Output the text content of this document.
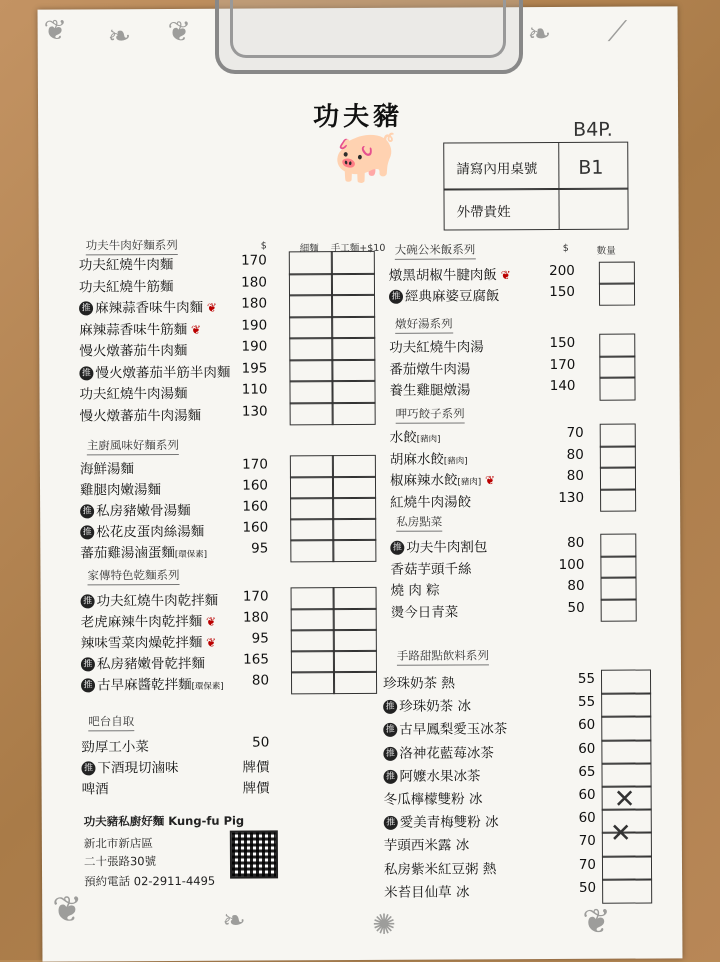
❦ ❧ ❦	❧ ⟋
❦	❧	✺	❦
功夫豬
🐖	請寫內用桌號
外帶貴姓
B4P.
B1
功夫豬私廚好麵 Kung-fu Pig
新北市新店區
二十張路30號
預約電話 02-2911-4495
功夫牛肉好麵系列
功夫紅燒牛肉麵	170
功夫紅燒牛筋麵	180
推 麻辣蒜香味牛肉麵 ❦	180
麻辣蒜香味牛筋麵 ❦	190
慢火燉蕃茄牛肉麵	190
推 慢火燉蕃茄半筋半肉麵 195
功夫紅燒牛肉湯麵	110
慢火燉蕃茄牛肉湯麵	130
$	細麵 手工麵+$10
主廚風味好麵系列
海鮮湯麵	170
雞腿肉嫩湯麵	160
推 私房豬嫩骨湯麵	160
推 松花皮蛋肉絲湯麵	160
蕃茄雞湯滷蛋麵[環保素]	95
家傳特色乾麵系列
推 功夫紅燒牛肉乾拌麵	170
老虎麻辣牛肉乾拌麵 ❦	180
辣味雪菜肉燥乾拌麵 ❦	95
推 私房豬嫩骨乾拌麵	165
推 古早麻醬乾拌麵[環保素]	80
吧台自取
勁厚工小菜	50
推 下酒現切滷味	牌價
啤酒	牌價
大碗公米飯系列
燉黑胡椒牛腱肉飯 ❦	200
推 經典麻婆豆腐飯	150
$	數量
燉好湯系列
功夫紅燒牛肉湯	150
番茄燉牛肉湯	170
養生雞腿燉湯	140
呷巧餃子系列
水餃[豬肉]	70
胡麻水餃[豬肉]	80
椒麻辣水餃[豬肉] ❦	80
紅燒牛肉湯餃	130
私房點菜
推 功夫牛肉割包	80
香菇芋頭千絲	100
燒 肉 粽	80
燙今日青菜	50
手路甜點飲料系列
珍珠奶茶 熱	55
推 珍珠奶茶 冰	55
推 古早鳳梨愛玉冰茶	60
推 洛神花藍莓冰茶	60
推 阿嬤水果冰茶	65
冬瓜檸檬雙粉 冰	60
推 愛美青梅雙粉 冰	60
芋頭西米露 冰	70
私房紫米紅豆粥 熱	70
米苔目仙草 冰	50
✕
✕
